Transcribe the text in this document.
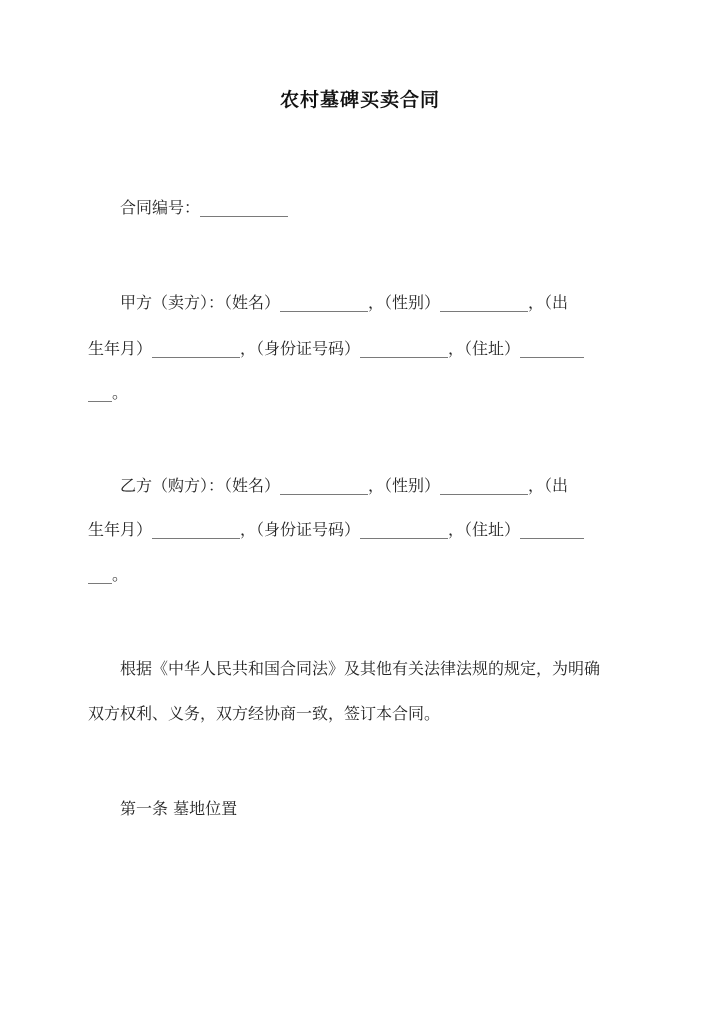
农村墓碑买卖合同
合同编号：___________
甲方（卖方）：（姓名）___________，（性别）___________，（出
生年月）___________，（身份证号码）___________，（住址）________
___。
乙方（购方）：（姓名）___________，（性别）___________，（出
生年月）___________，（身份证号码）___________，（住址）________
___。
根据《中华人民共和国合同法》及其他有关法律法规的规定，为明确
双方权利、义务，双方经协商一致，签订本合同。
第一条 墓地位置
